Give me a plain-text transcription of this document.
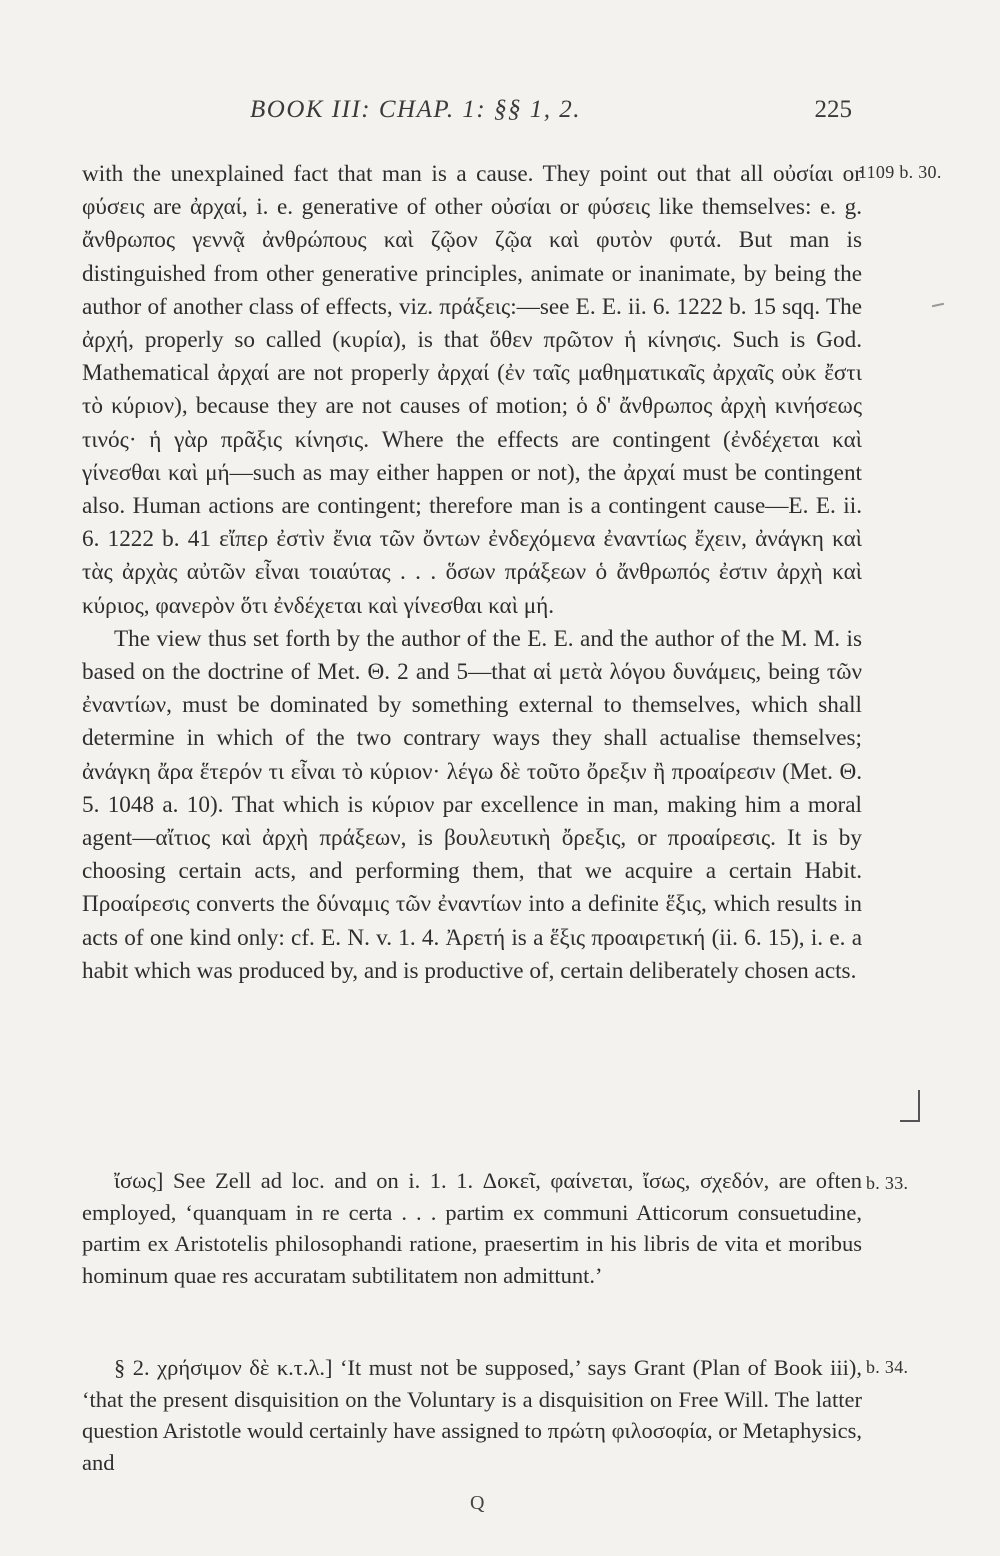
BOOK III: CHAP. 1: §§ 1, 2.	225
1109 b. 30.
b. 33.
b. 34.

with the unexplained fact that man is a cause. They point out that all οὐσίαι or φύσεις are ἀρχαί, i. e. generative of other οὐσίαι or φύσεις like themselves: e. g. ἄνθρωπος γεννᾷ ἀνθρώπους καὶ ζῷον ζῷα καὶ φυτὸν φυτά. But man is distinguished from other generative principles, animate or inanimate, by being the author of another class of effects, viz. πράξεις:—see E. E. ii. 6. 1222 b. 15 sqq. The ἀρχή, properly so called (κυρία), is that ὅθεν πρῶτον ἡ κίνησις. Such is God. Mathematical ἀρχαί are not properly ἀρχαί (ἐν ταῖς μαθηματικαῖς ἀρχαῖς οὐκ ἔστι τὸ κύριον), because they are not causes of motion; ὁ δ' ἄνθρωπος ἀρχὴ κινήσεως τινός· ἡ γὰρ πρᾶξις κίνησις. Where the effects are contingent (ἐνδέχεται καὶ γίνεσθαι καὶ μή—such as may either happen or not), the ἀρχαί must be contingent also. Human actions are contingent; therefore man is a contingent cause—E. E. ii. 6. 1222 b. 41 εἴπερ ἐστὶν ἔνια τῶν ὄντων ἐνδεχόμενα ἐναντίως ἔχειν, ἀνάγκη καὶ τὰς ἀρχὰς αὐτῶν εἶναι τοιαύτας . . . ὅσων πράξεων ὁ ἄνθρωπός ἐστιν ἀρχὴ καὶ κύριος, φανερὸν ὅτι ἐνδέχεται καὶ γίνεσθαι καὶ μή.

The view thus set forth by the author of the E. E. and the author of the M. M. is based on the doctrine of Met. Θ. 2 and 5—that αἱ μετὰ λόγου δυνάμεις, being τῶν ἐναντίων, must be dominated by something external to themselves, which shall determine in which of the two contrary ways they shall actualise themselves; ἀνάγκη ἄρα ἕτερόν τι εἶναι τὸ κύριον· λέγω δὲ τοῦτο ὄρεξιν ἢ προαίρεσιν (Met. Θ. 5. 1048 a. 10). That which is κύριον par excellence in man, making him a moral agent—αἴτιος καὶ ἀρχὴ πράξεων, is βουλευτικὴ ὄρεξις, or προαίρεσις. It is by choosing certain acts, and performing them, that we acquire a certain Habit. Προαίρεσις converts the δύναμις τῶν ἐναντίων into a definite ἕξις, which results in acts of one kind only: cf. E. N. v. 1. 4. Ἀρετή is a ἕξις προαιρετική (ii. 6. 15), i. e. a habit which was produced by, and is productive of, certain deliberately chosen acts.

ἴσως] See Zell ad loc. and on i. 1. 1. Δοκεῖ, φαίνεται, ἴσως, σχεδόν, are often employed, ‘quanquam in re certa . . . partim ex communi Atticorum consuetudine, partim ex Aristotelis philosophandi ratione, praesertim in his libris de vita et moribus hominum quae res accuratam subtilitatem non admittunt.’

§ 2. χρήσιμον δὲ κ.τ.λ.] ‘It must not be supposed,’ says Grant (Plan of Book iii), ‘that the present disquisition on the Voluntary is a disquisition on Free Will. The latter question Aristotle would certainly have assigned to πρώτη φιλοσοφία, or Metaphysics, and

Q
